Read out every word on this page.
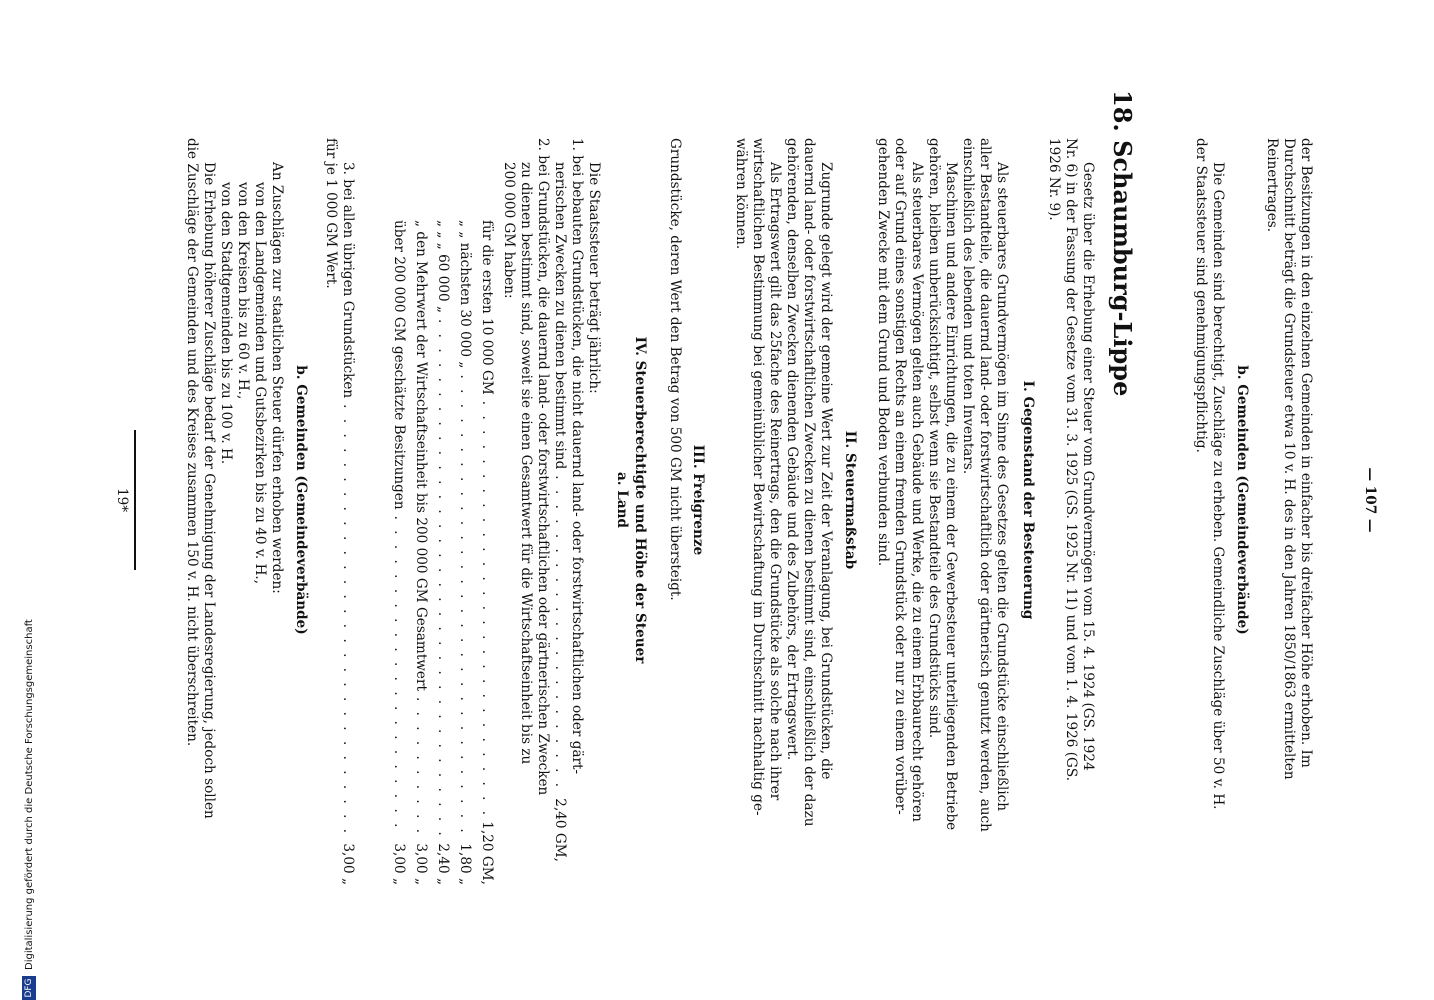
— 107 —
der Besitzungen in den einzelnen Gemeinden in einfacher bis dreifacher Höhe erhoben. Im
Durchschnitt beträgt die Grundsteuer etwa 10 v. H. des in den Jahren 1850/1863 ermittelten
Reinertrages.
b. Gemeinden (Gemeindeverbände)
Die Gemeinden sind berechtigt, Zuschläge zu erheben. Gemeindliche Zuschläge über 50 v. H.
der Staatssteuer sind genehmigungspflichtig.
18. Schaumburg-Lippe
Gesetz über die Erhebung einer Steuer vom Grundvermögen vom 15. 4. 1924 (GS. 1924
Nr. 6) in der Fassung der Gesetze vom 31. 3. 1925 (GS. 1925 Nr. 11) und vom 1. 4. 1926 (GS.
1926 Nr. 9).
I. Gegenstand der Besteuerung
Als steuerbares Grundvermögen im Sinne des Gesetzes gelten die Grundstücke einschließlich
aller Bestandteile, die dauernd land- oder forstwirtschaftlich oder gärtnerisch genutzt werden, auch
einschließlich des lebenden und toten Inventars.
Maschinen und andere Einrichtungen, die zu einem der Gewerbesteuer unterliegenden Betriebe
gehören, bleiben unberücksichtigt, selbst wenn sie Bestandteile des Grundstücks sind.
Als steuerbares Vermögen gelten auch Gebäude und Werke, die zu einem Erbbaurecht gehören
oder auf Grund eines sonstigen Rechts an einem fremden Grundstück oder nur zu einem vorüber-
gehenden Zwecke mit dem Grund und Boden verbunden sind.
II. Steuermaßstab
Zugrunde gelegt wird der gemeine Wert zur Zeit der Veranlagung, bei Grundstücken, die
dauernd land- oder forstwirtschaftlichen Zwecken zu dienen bestimmt sind, einschließlich der dazu
gehörenden, denselben Zwecken dienenden Gebäude und des Zubehörs, der Ertragswert.
Als Ertragswert gilt das 25fache des Reinertrags, den die Grundstücke als solche nach ihrer
wirtschaftlichen Bestimmung bei gemeinüblicher Bewirtschaftung im Durchschnitt nachhaltig ge-
währen können.
III. Freigrenze
Grundstücke, deren Wert den Betrag von 500 GM nicht übersteigt.
IV. Steuerberechtigte und Höhe der Steuer
a. Land
Die Staatssteuer beträgt jährlich:
1. bei bebauten Grundstücken, die nicht dauernd land- oder forstwirtschaftlichen oder gärt-
nerischen Zwecken zu dienen bestimmt sind
. . .
2,40 GM,
2. bei Grundstücken, die dauernd land- oder forstwirtschaftlichen oder gärtnerischen Zwecken
zu dienen bestimmt sind, soweit sie einen Gesamtwert für die Wirtschaftseinheit bis zu
200 000 GM haben:
für die ersten 10 000 GM
. . .
1,20 GM,
„ „ nächsten 30 000 „
. . .
1,80 „
„ „ „ 60 000 „
. . .
2,40 „
„ den Mehrwert der Wirtschaftseinheit bis 200 000 GM Gesamtwert
. . .
3,00 „
über 200 000 GM geschätzte Besitzungen
. . .
3,00 „
3. bei allen übrigen Grundstücken
. . .
3,00 „
für je 1 000 GM Wert.
b. Gemeinden (Gemeindeverbände)
An Zuschlägen zur staatlichen Steuer dürfen erhoben werden:
von den Landgemeinden und Gutsbezirken bis zu 40 v. H.,
von den Kreisen bis zu 60 v. H.,
von den Stadtgemeinden bis zu 100 v. H.
Die Erhebung höherer Zuschläge bedarf der Genehmigung der Landesregierung, jedoch sollen
die Zuschläge der Gemeinden und des Kreises zusammen 150 v. H. nicht überschreiten.
19*
DFG
Digitalisierung gefördert durch die Deutsche Forschungsgemeinschaft
